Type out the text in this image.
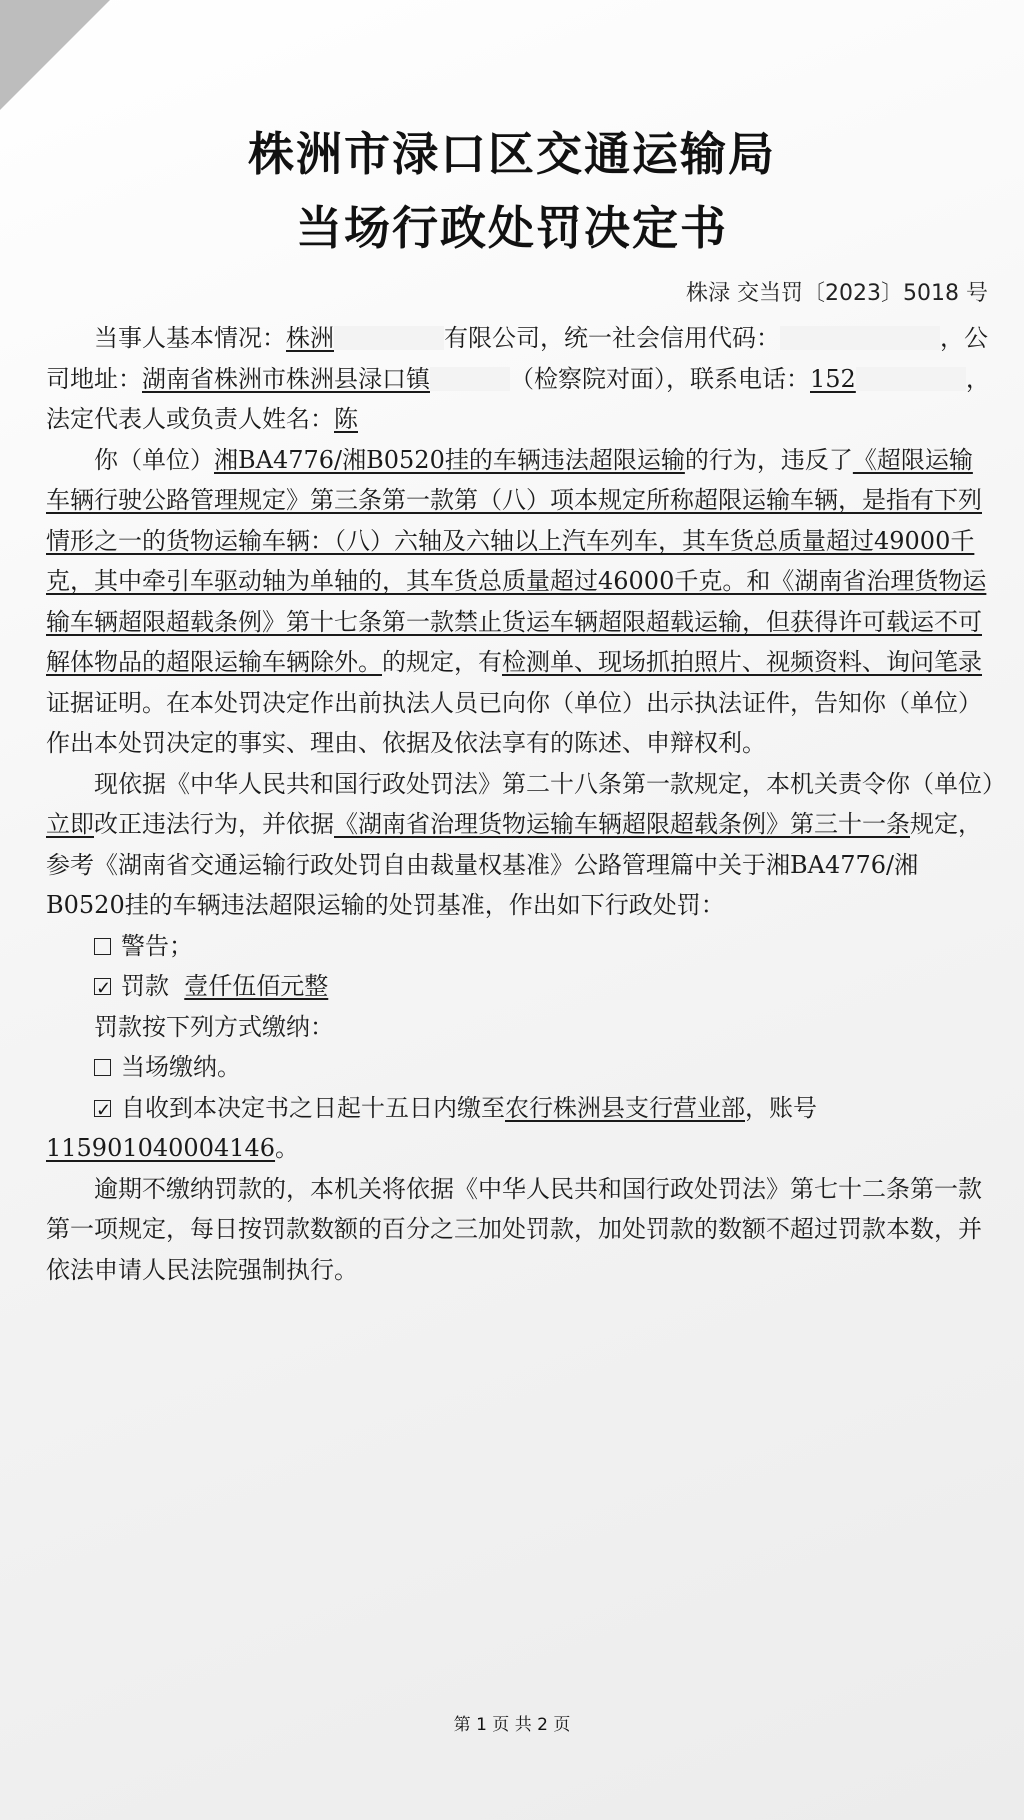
株洲市渌口区交通运输局
当场行政处罚决定书
株渌 交当罚〔2023〕5018 号

当事人基本情况：株洲	有限公司，统一社会信用代码：	，公司地址：湖南省株洲市株洲县渌口镇	（检察院对面），联系电话：152	，法定代表人或负责人姓名：陈

你（单位）湘BA4776/湘B0520挂的车辆违法超限运输的行为，违反了《超限运输车辆行驶公路管理规定》第三条第一款第（八）项本规定所称超限运输车辆，是指有下列情形之一的货物运输车辆：（八）六轴及六轴以上汽车列车，其车货总质量超过49000千克，其中牵引车驱动轴为单轴的，其车货总质量超过46000千克。和《湖南省治理货物运输车辆超限超载条例》第十七条第一款禁止货运车辆超限超载运输，但获得许可载运不可解体物品的超限运输车辆除外。的规定，有检测单、现场抓拍照片、视频资料、询问笔录证据证明。在本处罚决定作出前执法人员已向你（单位）出示执法证件，告知你（单位）作出本处罚决定的事实、理由、依据及依法享有的陈述、申辩权利。

现依据《中华人民共和国行政处罚法》第二十八条第一款规定，本机关责令你（单位）立即改正违法行为，并依据《湖南省治理货物运输车辆超限超载条例》第三十一条规定，参考《湖南省交通运输行政处罚自由裁量权基准》公路管理篇中关于湘BA4776/湘B0520挂的车辆违法超限运输的处罚基准，作出如下行政处罚：

警告；

✓罚款 壹仟伍佰元整

罚款按下列方式缴纳：

当场缴纳。

✓自收到本决定书之日起十五日内缴至农行株洲县支行营业部，账号

115901040004146。

逾期不缴纳罚款的，本机关将依据《中华人民共和国行政处罚法》第七十二条第一款第一项规定，每日按罚款数额的百分之三加处罚款，加处罚款的数额不超过罚款本数，并依法申请人民法院强制执行。

第 1 页 共 2 页
